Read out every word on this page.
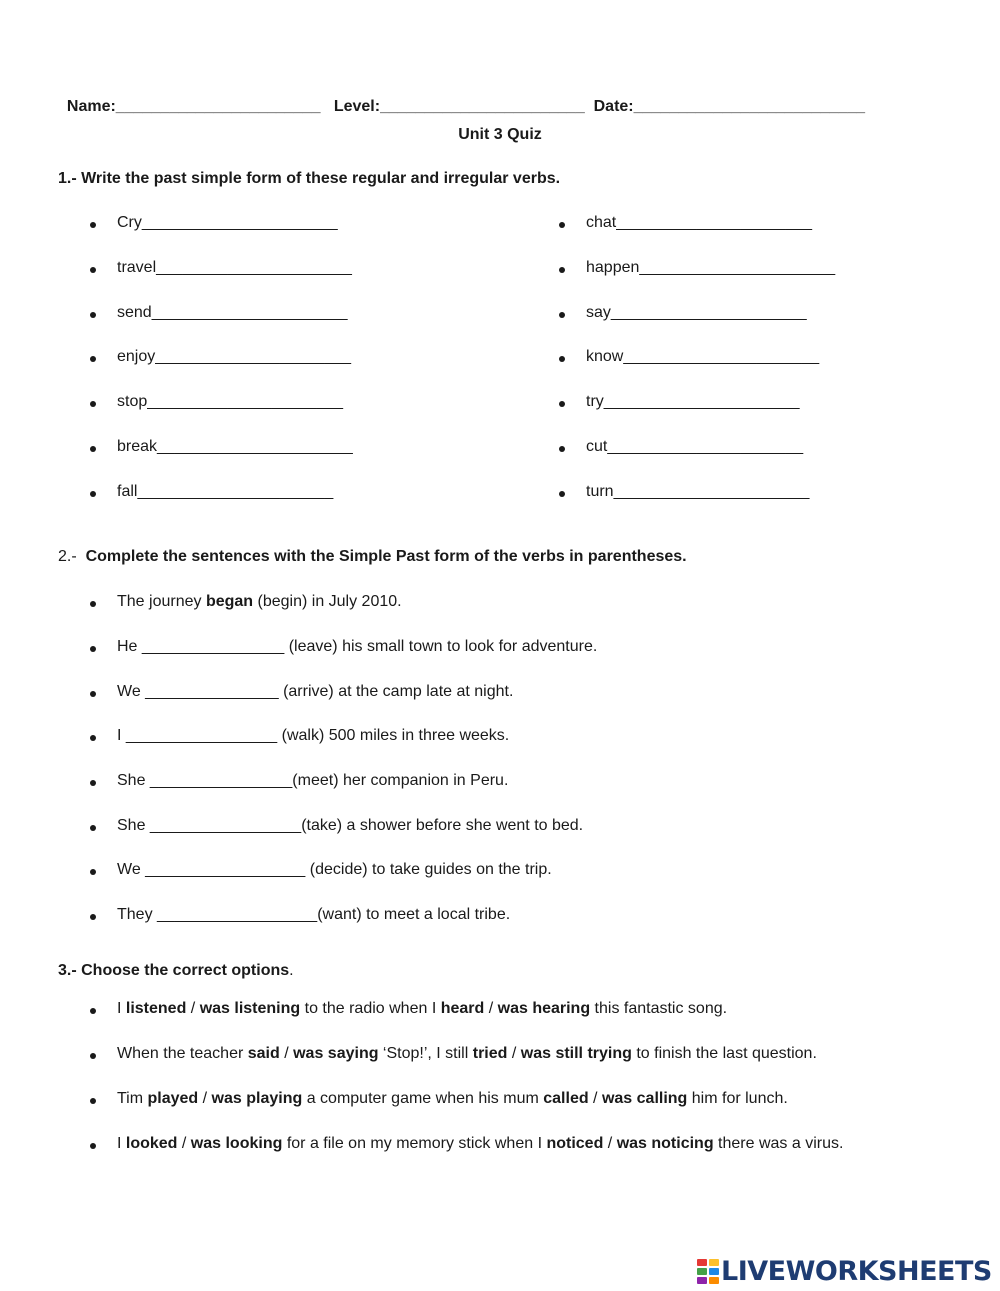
Name:_______________________ Level:_______________________ Date:__________________________

Unit 3 Quiz
1.- Write the past simple form of these regular and irregular verbs.
Cry______________________
travel______________________
send______________________
enjoy______________________
stop______________________
break______________________
fall______________________
chat______________________
happen______________________
say______________________
know______________________
try______________________
cut______________________
turn______________________
2.- Complete the sentences with the Simple Past form of the verbs in parentheses.
The journey began (begin) in July 2010.
He ________________ (leave) his small town to look for adventure.
We _______________ (arrive) at the camp late at night.
I _________________ (walk) 500 miles in three weeks.
She ________________(meet) her companion in Peru.
She _________________(take) a shower before she went to bed.
We __________________ (decide) to take guides on the trip.
They __________________(want) to meet a local tribe.
3.- Choose the correct options.
I listened / was listening to the radio when I heard / was hearing this fantastic song.
When the teacher said / was saying ‘Stop!’, I still tried / was still trying to finish the last question.
Tim played / was playing a computer game when his mum called / was calling him for lunch.
I looked / was looking for a file on my memory stick when I noticed / was noticing there was a virus.
LIVEWORKSHEETS
